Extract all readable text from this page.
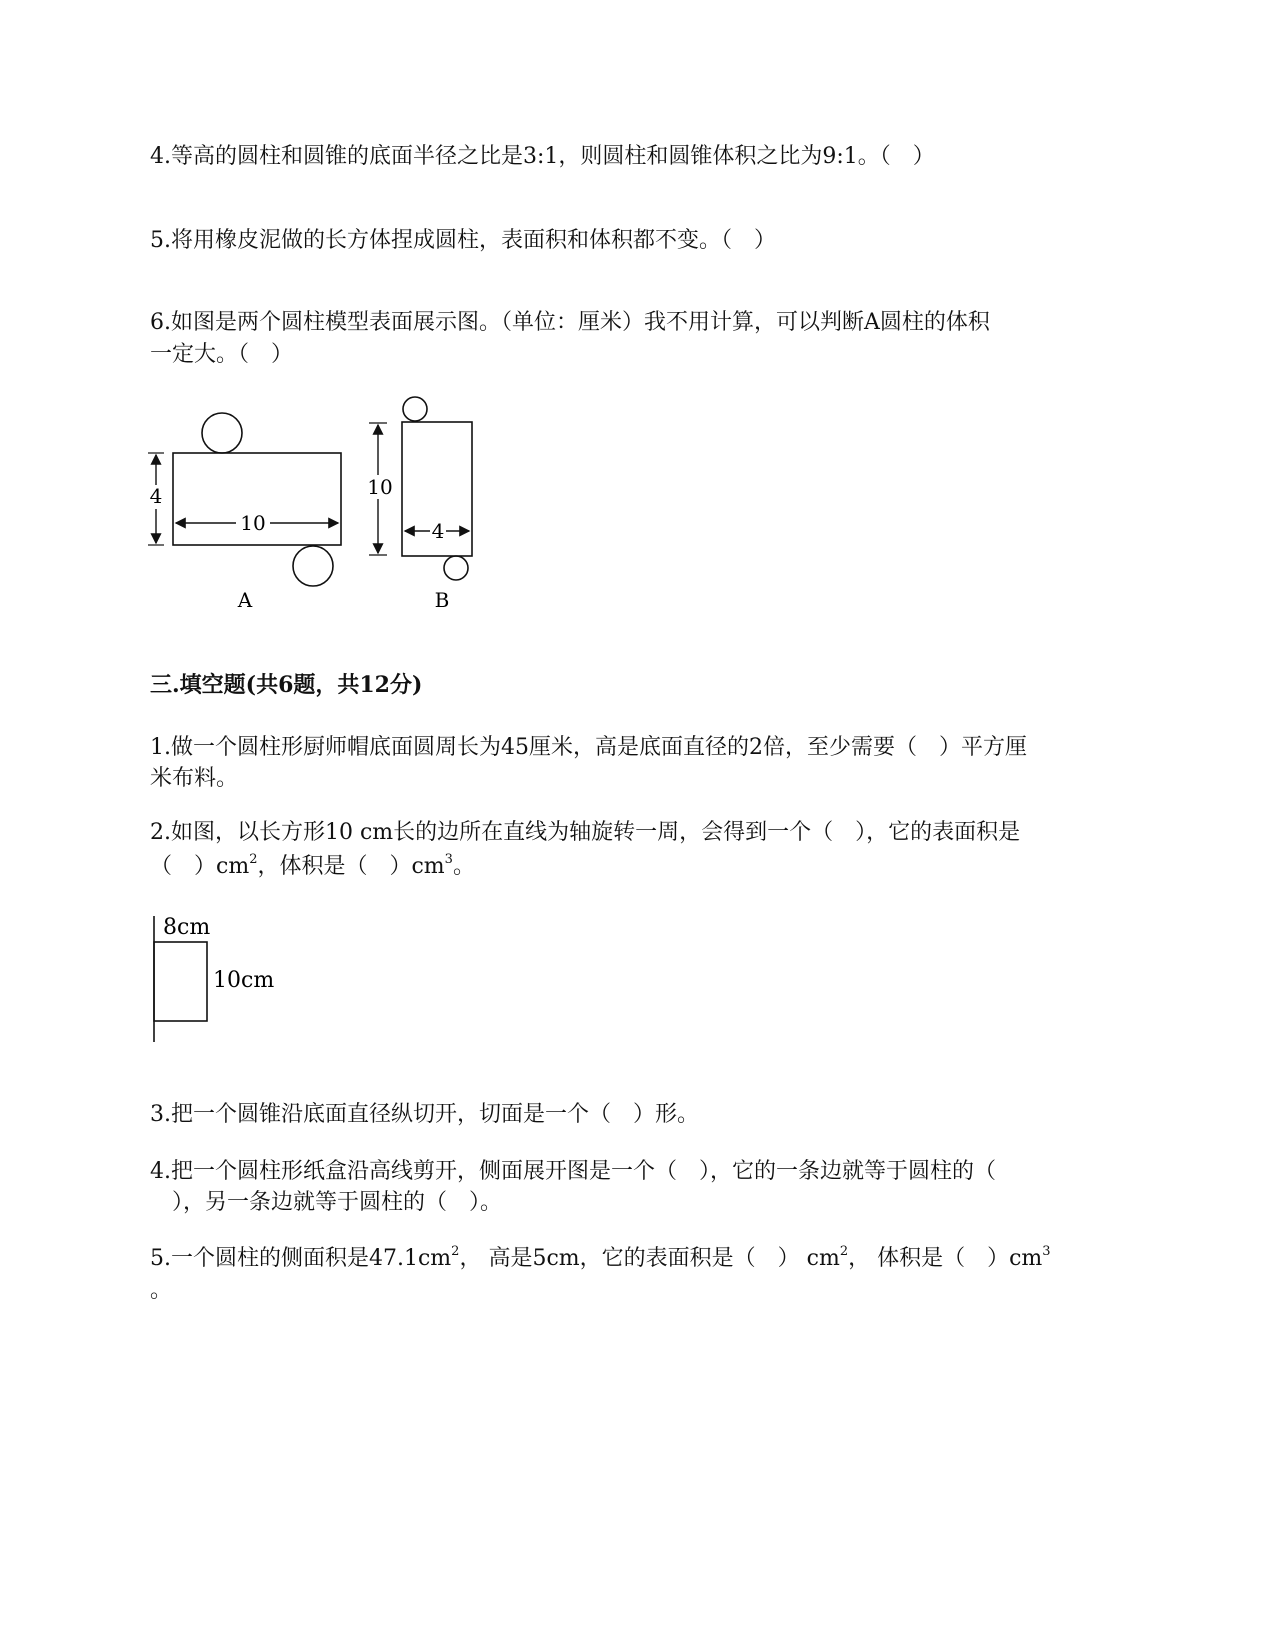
4.等高的圆柱和圆锥的底面半径之比是3:1，则圆柱和圆锥体积之比为9:1。（　）
5.将用橡皮泥做的长方体捏成圆柱，表面积和体积都不变。（　）
6.如图是两个圆柱模型表面展示图。（单位：厘米）我不用计算，可以判断A圆柱的体积
一定大。（　）
4
10
A
10
4
B
三.填空题(共6题，共12分)
1.做一个圆柱形厨师帽底面圆周长为45厘米，高是底面直径的2倍，至少需要（　）平方厘
米布料。
2.如图，以长方形10 cm长的边所在直线为轴旋转一周，会得到一个（　），它的表面积是
（　）$cm^2$，体积是（　）$cm^3$。
8cm
10cm
3.把一个圆锥沿底面直径纵切开，切面是一个（　）形。
4.把一个圆柱形纸盒沿高线剪开，侧面展开图是一个（　），它的一条边就等于圆柱的（
　），另一条边就等于圆柱的（　）。
5.一个圆柱的侧面积是$47.1cm^2$， 高是5cm，它的表面积是（　） $cm^2$， 体积是（　）$cm^3$
。
